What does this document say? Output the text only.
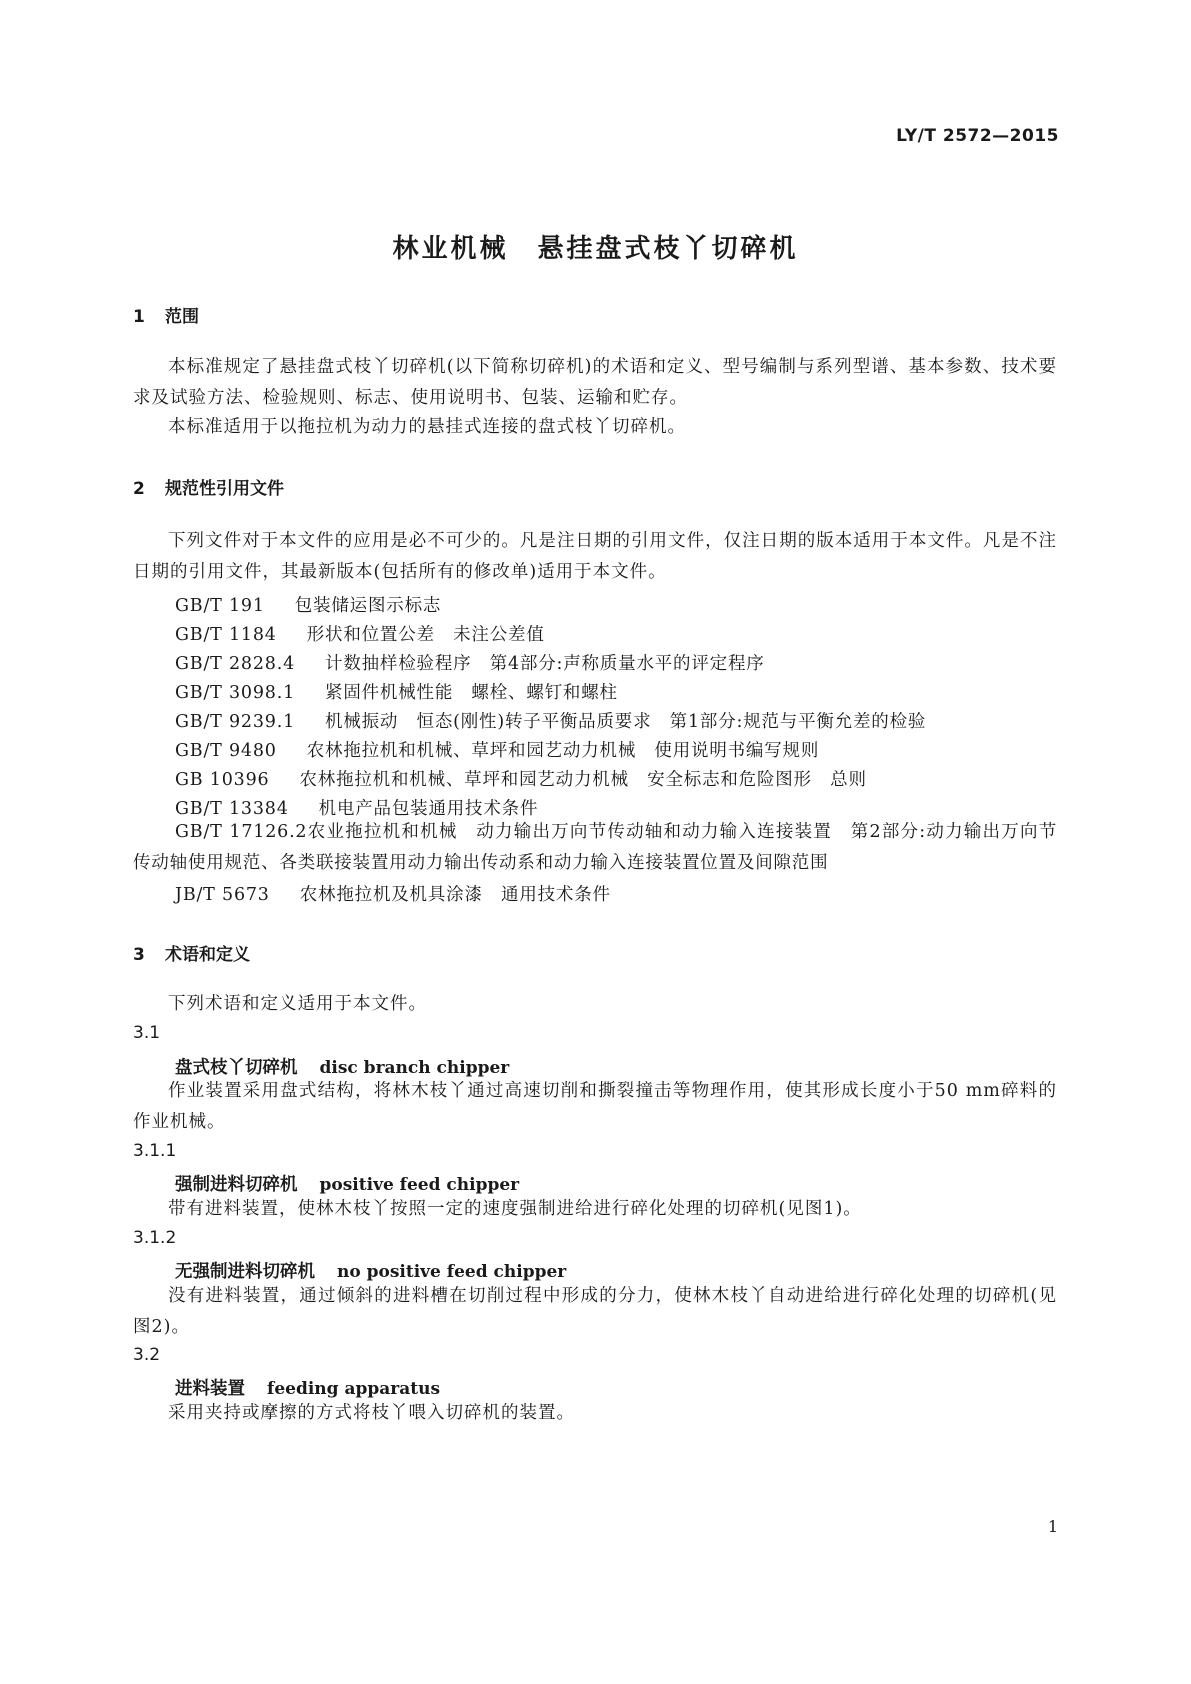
LY/T 2572—2015
林业机械　悬挂盘式枝丫切碎机
1 范围
本标准规定了悬挂盘式枝丫切碎机(以下简称切碎机)的术语和定义、型号编制与系列型谱、基本参数、技术要求及试验方法、检验规则、标志、使用说明书、包装、运输和贮存。
本标准适用于以拖拉机为动力的悬挂式连接的盘式枝丫切碎机。
2 规范性引用文件
下列文件对于本文件的应用是必不可少的。凡是注日期的引用文件，仅注日期的版本适用于本文件。凡是不注日期的引用文件，其最新版本(包括所有的修改单)适用于本文件。
GB/T 191 包装储运图示标志
GB/T 1184 形状和位置公差　未注公差值
GB/T 2828.4 计数抽样检验程序　第4部分:声称质量水平的评定程序
GB/T 3098.1 紧固件机械性能　螺栓、螺钉和螺柱
GB/T 9239.1 机械振动　恒态(刚性)转子平衡品质要求　第1部分:规范与平衡允差的检验
GB/T 9480 农林拖拉机和机械、草坪和园艺动力机械　使用说明书编写规则
GB 10396 农林拖拉机和机械、草坪和园艺动力机械　安全标志和危险图形　总则
GB/T 13384 机电产品包装通用技术条件
GB/T 17126.2农业拖拉机和机械　动力输出万向节传动轴和动力输入连接装置　第2部分:动力输出万向节传动轴使用规范、各类联接装置用动力输出传动系和动力输入连接装置位置及间隙范围
JB/T 5673 农林拖拉机及机具涂漆　通用技术条件
3 术语和定义
下列术语和定义适用于本文件。
3.1
盘式枝丫切碎机 disc branch chipper
作业装置采用盘式结构，将林木枝丫通过高速切削和撕裂撞击等物理作用，使其形成长度小于50 mm碎料的作业机械。
3.1.1
强制进料切碎机 positive feed chipper
带有进料装置，使林木枝丫按照一定的速度强制进给进行碎化处理的切碎机(见图1)。
3.1.2
无强制进料切碎机 no positive feed chipper
没有进料装置，通过倾斜的进料槽在切削过程中形成的分力，使林木枝丫自动进给进行碎化处理的切碎机(见图2)。
3.2
进料装置 feeding apparatus
采用夹持或摩擦的方式将枝丫喂入切碎机的装置。
1
